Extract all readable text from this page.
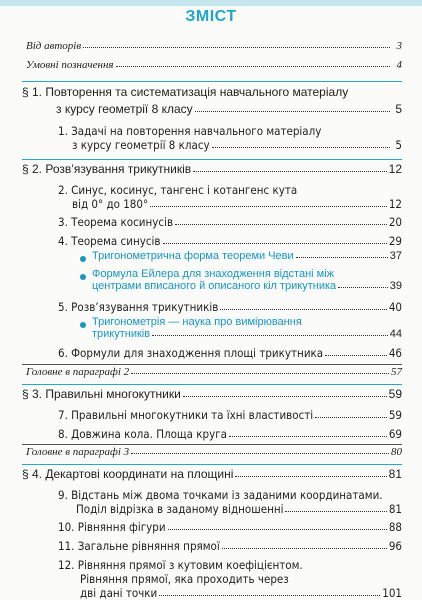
ЗМІСТ
Від авторів	3
Умовні позначення	4
§ 1. Повторення та систематизація навчального матеріалу
з курсу геометрії 8 класу	5
1. Задачі на повторення навчального матеріалу
з курсу геометрії 8 класу	5
§ 2. Розв’язування трикутників	12
2. Синус, косинус, тангенс і котангенс кута
від 0° до 180°	12
3. Теорема косинусів	20
4. Теорема синусів	29
Тригонометрична форма теореми Чеви	37
Формула Ейлера для знаходження відстані між
центрами вписаного й описаного кіл трикутника	39
5. Розв’язування трикутників	40
Тригонометрія — наука про вимірювання
трикутників	44
6. Формули для знаходження площі трикутника	46
Головне в параграфі 2	57
§ 3. Правильні многокутники	59
7. Правильні многокутники та їхні властивості	59
8. Довжина кола. Площа круга	69
Головне в параграфі 3	80
§ 4. Декартові координати на площині	81
9. Відстань між двома точками із заданими координатами.
Поділ відрізка в заданому відношенні	81
10. Рівняння фігури	88
11. Загальне рівняння прямої	96
12. Рівняння прямої з кутовим коефіцієнтом.
Рівняння прямої, яка проходить через
дві дані точки	101
